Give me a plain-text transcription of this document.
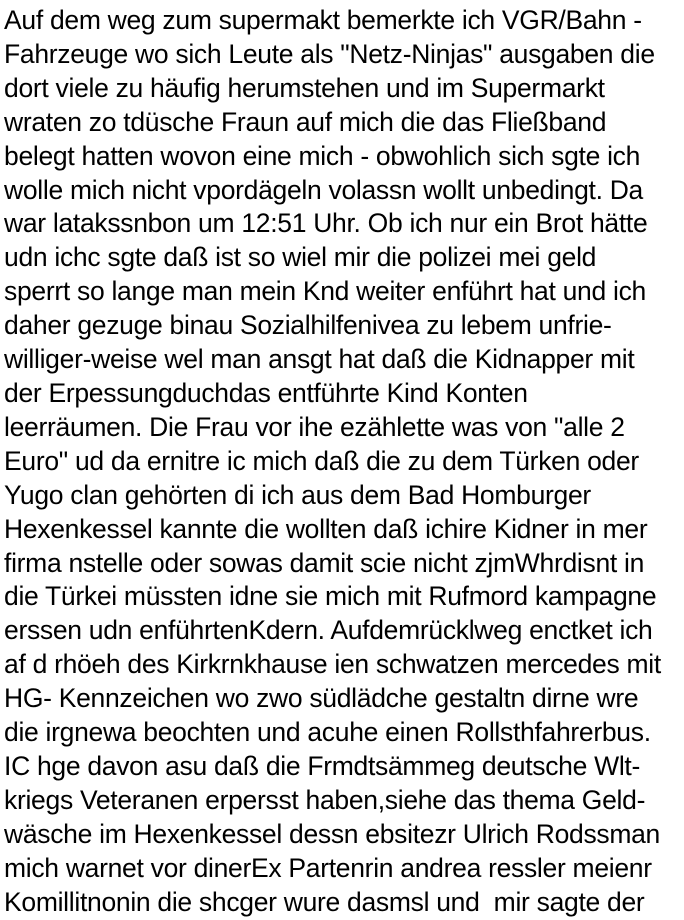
Auf dem weg zum supermakt bemerkte ich VGR/Bahn -
Fahrzeuge wo sich Leute als "Netz-Ninjas" ausgaben die
dort viele zu häufig herumstehen und im Supermarkt
wraten zo tdüsche Fraun auf mich die das Fließband
belegt hatten wovon eine mich - obwohlich sich sgte ich
wolle mich nicht vpordägeln volassn wollt unbedingt. Da
war latakssnbon um 12:51 Uhr. Ob ich nur ein Brot hätte
udn ichc sgte daß ist so wiel mir die polizei mei geld
sperrt so lange man mein Knd weiter enführt hat und ich
daher gezuge binau Sozialhilfenivea zu lebem unfrie-
williger-weise wel man ansgt hat daß die Kidnapper mit
der Erpessungduchdas entführte Kind Konten
leerräumen. Die Frau vor ihe ezählette was von "alle 2
Euro" ud da ernitre ic mich daß die zu dem Türken oder
Yugo clan gehörten di ich aus dem Bad Homburger
Hexenkessel kannte die wollten daß ichire Kidner in mer
firma nstelle oder sowas damit scie nicht zjmWhrdisnt in
die Türkei müssten idne sie mich mit Rufmord kampagne
erssen udn enführtenKdern. Aufdemrücklweg enctket ich
af d rhöeh des Kirkrnkhause ien schwatzen mercedes mit
HG- Kennzeichen wo zwo südlädche gestaltn dirne wre
die irgnewa beochten und acuhe einen Rollsthfahrerbus.
IC hge davon asu daß die Frmdtsämmeg deutsche Wlt-
kriegs Veteranen erpersst haben,siehe das thema Geld-
wäsche im Hexenkessel dessn ebsitezr Ulrich Rodssman
mich warnet vor dinerEx Partenrin andrea ressler meienr
Komillitnonin die shcger wure dasmsl und  mir sagte der
